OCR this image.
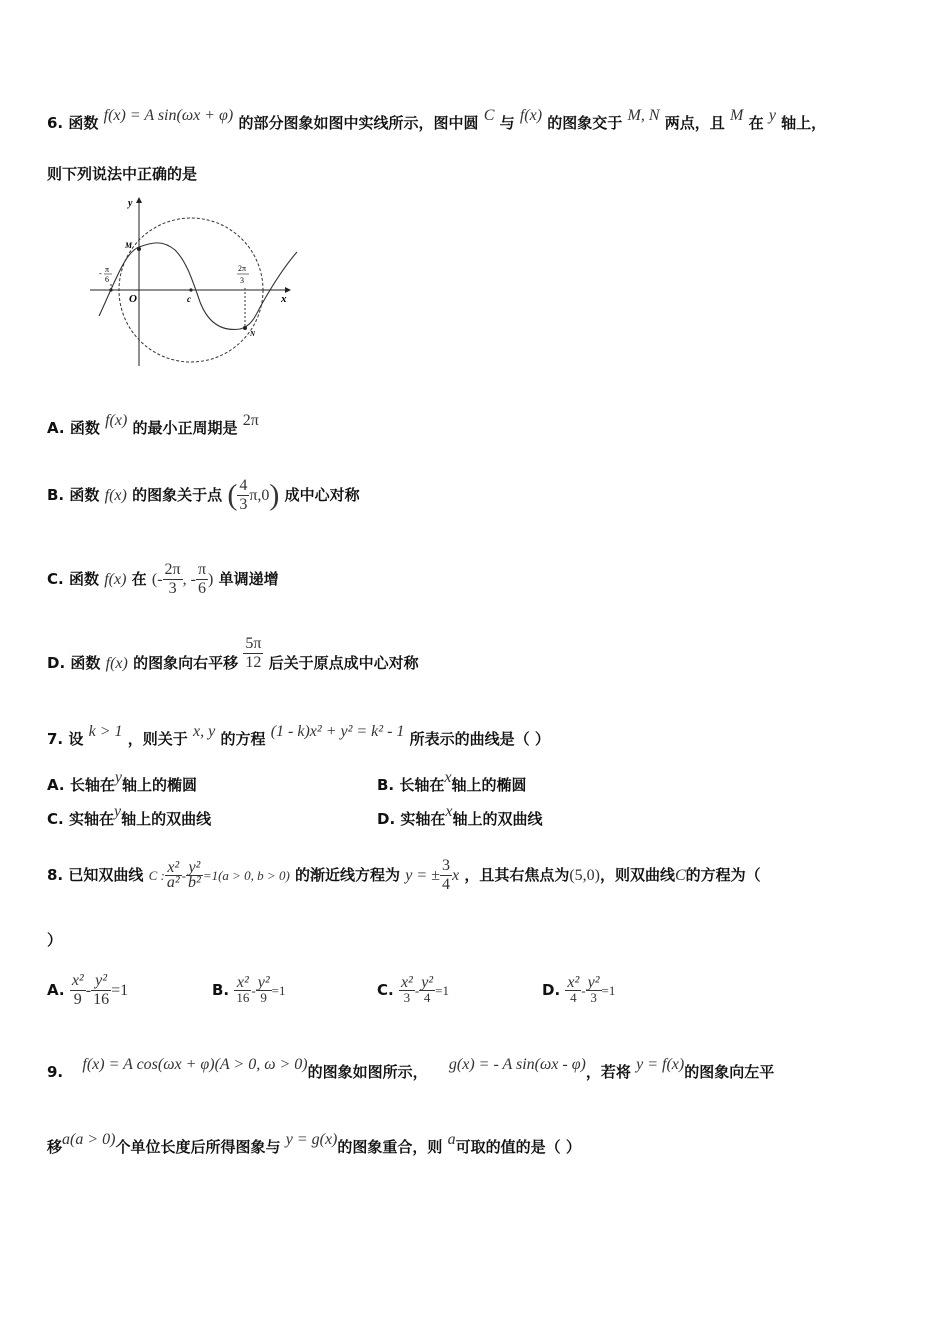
6. 函数 f(x) = A sin(ωx + φ) 的部分图象如图中实线所示，图中圆 C 与 f(x) 的图象交于 M, N 两点，且 M 在 y 轴上，
则下列说法中正确的是
y
x
O
M
N
c
- π
6
2π
3
A. 函数 f(x) 的最小正周期是 2π
B. 函数 f(x) 的图象关于点 ( $\frac{4}{3} \pi,0$) 成中心对称
C. 函数 f(x) 在 (- $\frac{2\pi}{3}$ , - $\frac{\pi}{6}$ ) 单调递增
D. 函数 f(x) 的图象向右平移 $\frac{5\pi}{12}$ 后关于原点成中心对称
7. 设 k > 1 ，则关于 x, y 的方程 (1 - k)x² + y² = k² - 1 所表示的曲线是（ ）
A. 长轴在y轴上的椭圆	B. 长轴在x轴上的椭圆
C. 实轴在y轴上的双曲线	D. 实轴在x轴上的双曲线
8. 已知双曲线 C : $\frac{\text{x²}}{\text{a²}} - \frac{\text{y²}}{\text{b²}} =1(a > 0$, b > 0) 的渐近线方程为 y = ± $\frac{3}{4}$ x ，且其右焦点为(5,0)，则双曲线C的方程为（
）
A. $\frac{\text{x²}}{9} - \frac{\text{y²}}{16} =1$	B. $\frac{\text{x²}}{16} - \frac{\text{y²}}{9} =1$	C. $\frac{\text{x²}}{3} - \frac{\text{y²}}{4} =1$	D. $\frac{\text{x²}}{4} - \frac{\text{y²}}{3} =1$
9. f(x) = A cos(ωx + φ)(A > 0, ω > 0)的图象如图所示， g(x) = - A sin(ωx - φ)，若将 y = f(x)的图象向左平
移a(a > 0)个单位长度后所得图象与 y = g(x)的图象重合，则 a可取的值的是（ ）
